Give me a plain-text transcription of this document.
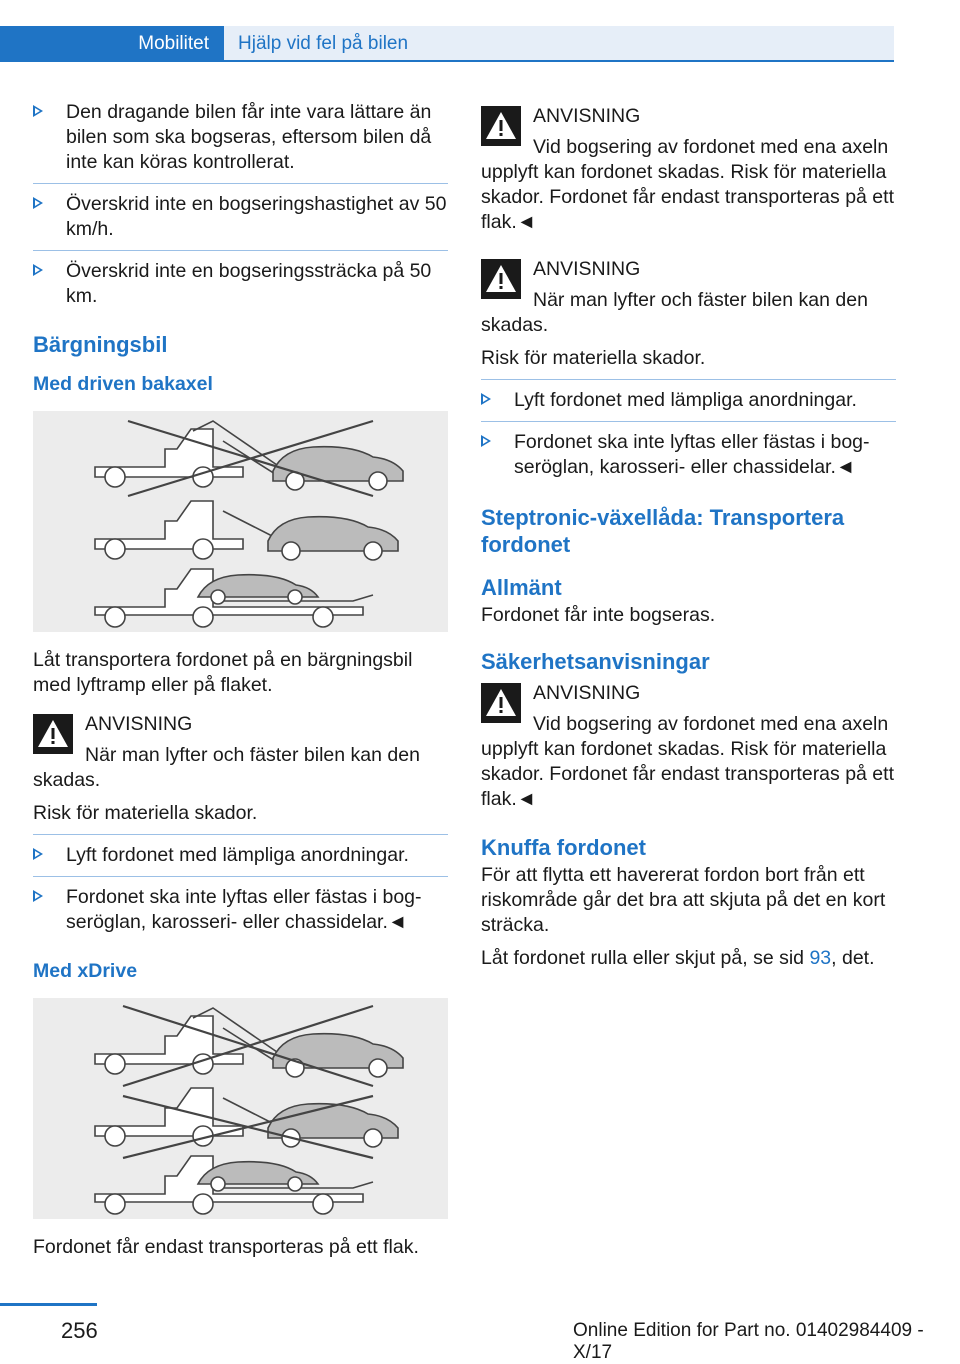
Mobilitet	Hjälp vid fel på bilen
Den dragande bilen får inte vara lättare än bilen som ska bogseras, eftersom bilen då inte kan köras kontrollerat.
Överskrid inte en bogseringshastighet av 50 km/h.
Överskrid inte en bogseringssträcka på 50 km.
Bärgningsbil
Med driven bakaxel
Låt transportera fordonet på en bärgningsbil med lyftramp eller på flaket.
ANVISNING
När man lyfter och fäster bilen kan den skadas.
Risk för materiella skador.
Lyft fordonet med lämpliga anordningar.
Fordonet ska inte lyftas eller fästas i bogseröglan, karosseri- eller chassidelar.◄
Med xDrive
Fordonet får endast transporteras på ett flak.
ANVISNING
Vid bogsering av fordonet med ena axeln upplyft kan fordonet skadas. Risk för materiella skador. Fordonet får endast transporteras på ett flak.◄
ANVISNING
När man lyfter och fäster bilen kan den skadas.
Risk för materiella skador.
Lyft fordonet med lämpliga anordningar.
Fordonet ska inte lyftas eller fästas i bogseröglan, karosseri- eller chassidelar.◄
Steptronic-växellåda: Transportera fordonet
Allmänt
Fordonet får inte bogseras.
Säkerhetsanvisningar
ANVISNING
Vid bogsering av fordonet med ena axeln upplyft kan fordonet skadas. Risk för materiella skador. Fordonet får endast transporteras på ett flak.◄
Knuffa fordonet
För att flytta ett havererat fordon bort från ett riskområde går det bra att skjuta på det en kort sträcka.
Låt fordonet rulla eller skjut på, se sid 93, det.
256	Online Edition for Part no. 01402984409 - X/17
